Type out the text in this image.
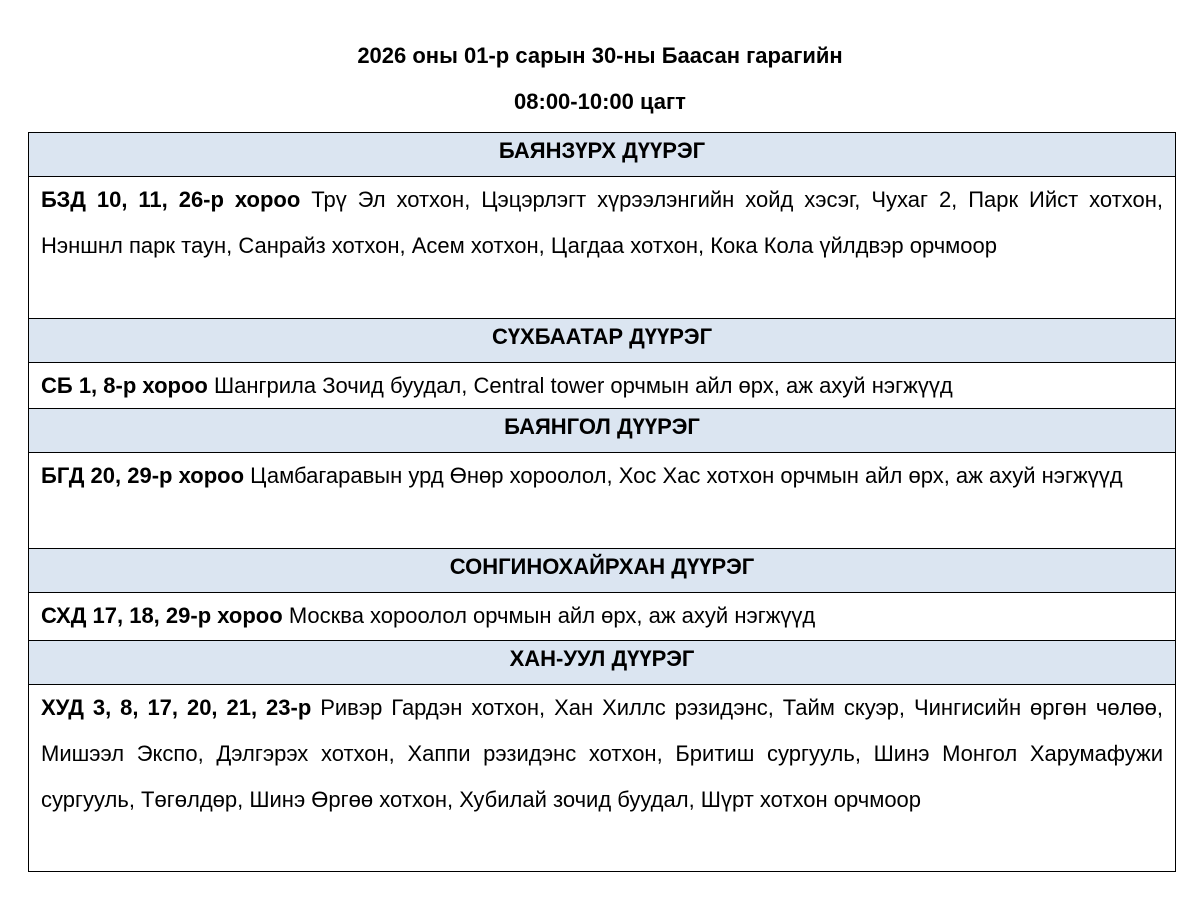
2026 оны 01-р сарын 30-ны Баасан гарагийн
08:00-10:00 цагт
БАЯНЗҮРХ ДҮҮРЭГ
БЗД 10, 11, 26-р хороо Трү Эл хотхон, Цэцэрлэгт хүрээлэнгийн хойд хэсэг, Чухаг 2, Парк Ийст хотхон, Нэншнл парк таун, Санрайз хотхон, Асем хотхон, Цагдаа хотхон, Кока Кола үйлдвэр орчмоор
СҮХБААТАР ДҮҮРЭГ
СБ 1, 8-р хороо Шангрила Зочид буудал, Central tower орчмын айл өрх, аж ахуй нэгжүүд
БАЯНГОЛ ДҮҮРЭГ
БГД 20, 29-р хороо Цамбагаравын урд Өнөр хороолол, Хос Хас хотхон орчмын айл өрх, аж ахуй нэгжүүд
СОНГИНОХАЙРХАН ДҮҮРЭГ
СХД 17, 18, 29-р хороо Москва хороолол орчмын айл өрх, аж ахуй нэгжүүд
ХАН-УУЛ ДҮҮРЭГ
ХУД 3, 8, 17, 20, 21, 23-р Ривэр Гардэн хотхон, Хан Хиллс рэзидэнс, Тайм скуэр, Чингисийн өргөн чөлөө, Мишээл Экспо, Дэлгэрэх хотхон, Хаппи рэзидэнс хотхон, Бритиш сургууль, Шинэ Монгол Харумафужи сургууль, Төгөлдөр, Шинэ Өргөө хотхон, Хубилай зочид буудал, Шүрт хотхон орчмоор
